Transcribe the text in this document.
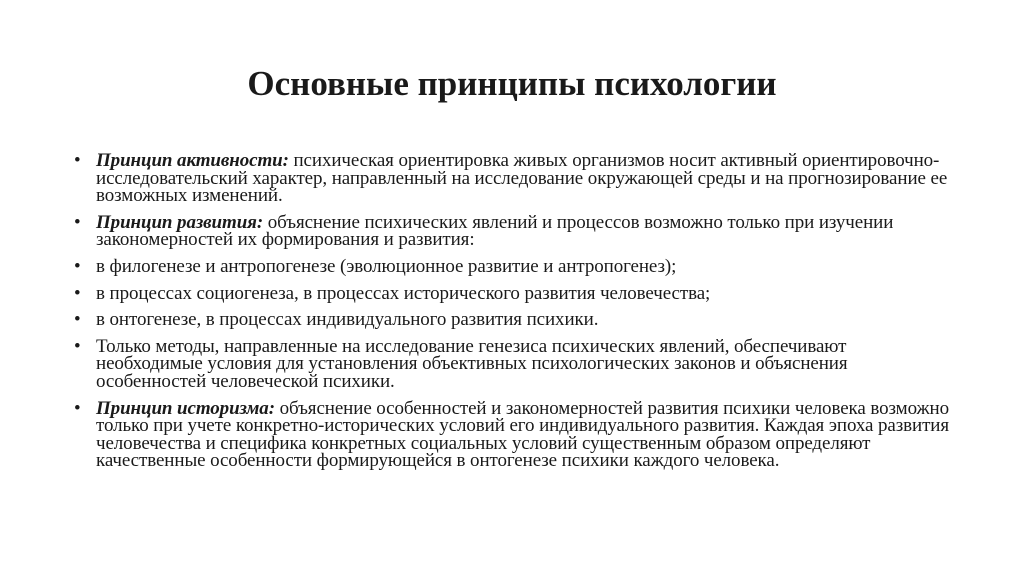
Основные принципы психологии
• Принцип активности: психическая ориентировка живых организмов носит активный ориентировочно-исследовательский характер, направленный на исследование окружающей среды и на прогнозирование ее возможных изменений.
• Принцип развития: объяснение психических явлений и процессов возможно только при изучении закономерностей их формирования и развития:
• в филогенезе и антропогенезе (эволюционное развитие и антропогенез);
• в процессах социогенеза, в процессах исторического развития человечества;
• в онтогенезе, в процессах индивидуального развития психики.
• Только методы, направленные на исследование генезиса психических явлений, обеспечивают необходимые условия для установления объективных психологических законов и объяснения особенностей человеческой психики.
• Принцип историзма: объяснение особенностей и закономерностей развития психики человека возможно только при учете конкретно-исторических условий его индивидуального развития. Каждая эпоха развития человечества и специфика конкретных социальных условий существенным образом определяют качественные особенности формирующейся в онтогенезе психики каждого человека.
